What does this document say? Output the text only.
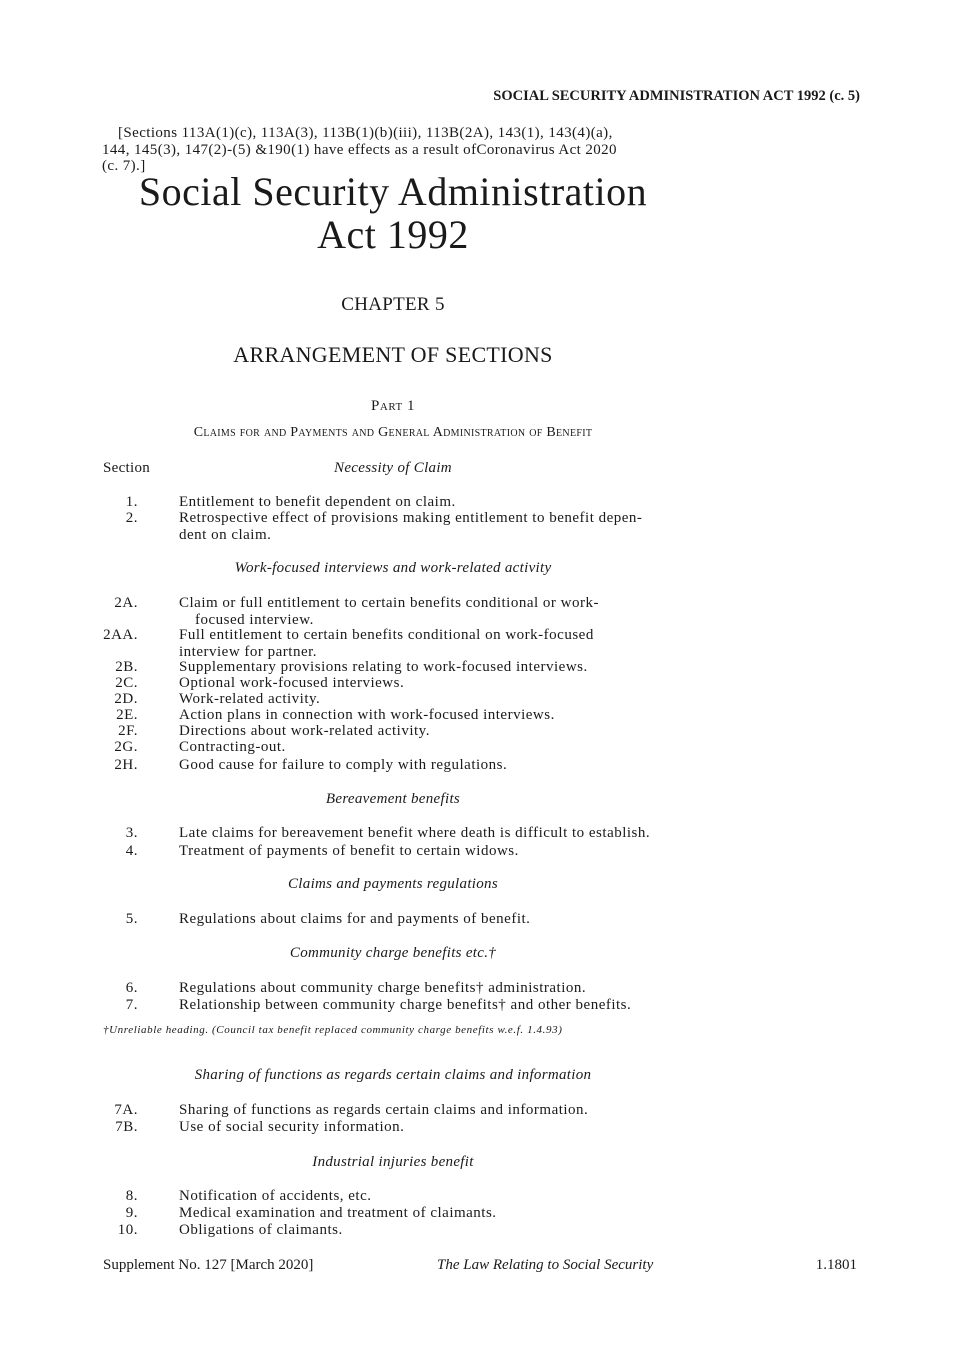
SOCIAL SECURITY ADMINISTRATION ACT 1992 (c. 5)
[Sections 113A(1)(c), 113A(3), 113B(1)(b)(iii), 113B(2A), 143(1), 143(4)(a),
144, 145(3), 147(2)-(5) &190(1) have effects as a result ofCoronavirus Act 2020
(c. 7).]
Social Security Administration
Act 1992
CHAPTER 5
ARRANGEMENT OF SECTIONS
Part 1
Claims for and Payments and General Administration of Benefit
Section	Necessity of Claim
1.	Entitlement to benefit dependent on claim.
2.	Retrospective effect of provisions making entitlement to benefit depen-
dent on claim.
Work-focused interviews and work-related activity
2A.	Claim or full entitlement to certain benefits conditional or work-
focused interview.
2AA.	Full entitlement to certain benefits conditional on work-focused
interview for partner.
2B.	Supplementary provisions relating to work-focused interviews.
2C.	Optional work-focused interviews.
2D.	Work-related activity.
2E.	Action plans in connection with work-focused interviews.
2F.	Directions about work-related activity.
2G.	Contracting-out.
2H.	Good cause for failure to comply with regulations.
Bereavement benefits
3.	Late claims for bereavement benefit where death is difficult to establish.
4.	Treatment of payments of benefit to certain widows.
Claims and payments regulations
5.	Regulations about claims for and payments of benefit.
Community charge benefits etc.†
6.	Regulations about community charge benefits† administration.
7.	Relationship between community charge benefits† and other benefits.
†Unreliable heading. (Council tax benefit replaced community charge benefits w.e.f. 1.4.93)
Sharing of functions as regards certain claims and information
7A.	Sharing of functions as regards certain claims and information.
7B.	Use of social security information.
Industrial injuries benefit
8.	Notification of accidents, etc.
9.	Medical examination and treatment of claimants.
10.	Obligations of claimants.
Supplement No. 127 [March 2020]	The Law Relating to Social Security	1.1801
